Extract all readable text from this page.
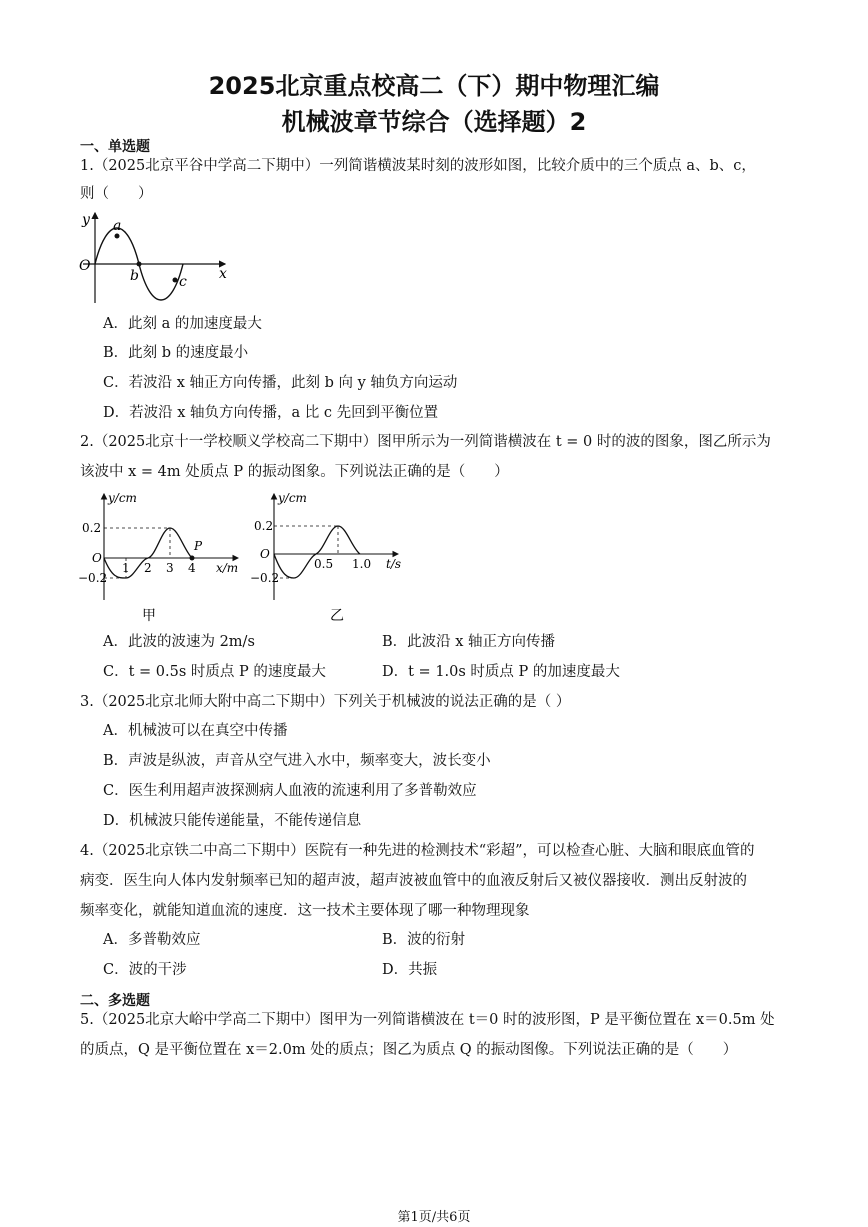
2025北京重点校高二（下）期中物理汇编
机械波章节综合（选择题）2
一、单选题
1.（2025北京平谷中学高二下期中）一列简谐横波某时刻的波形如图，比较介质中的三个质点 a、b、c，
则（　　）
y
x
O
a
b	c
A．此刻 a 的加速度最大
B．此刻 b 的速度最小
C．若波沿 x 轴正方向传播，此刻 b 向 y 轴负方向运动
D．若波沿 x 轴负方向传播，a 比 c 先回到平衡位置
2.（2025北京十一学校顺义学校高二下期中）图甲所示为一列简谐横波在 t = 0 时的波的图象，图乙所示为
该波中 x = 4m 处质点 P 的振动图象。下列说法正确的是（　　）
y/cm
0.2
O
−0.2
1 2 3 4
P
x/m
甲
y/cm
0.2
O
−0.2
0.5 1.0 t/s
乙
A．此波的波速为 2m/s	B．此波沿 x 轴正方向传播
C．t = 0.5s 时质点 P 的速度最大	D．t = 1.0s 时质点 P 的加速度最大
3.（2025北京北师大附中高二下期中）下列关于机械波的说法正确的是（ ）
A．机械波可以在真空中传播
B．声波是纵波，声音从空气进入水中，频率变大，波长变小
C．医生利用超声波探测病人血液的流速利用了多普勒效应
D．机械波只能传递能量，不能传递信息
4.（2025北京铁二中高二下期中）医院有一种先进的检测技术“彩超”，可以检查心脏、大脑和眼底血管的
病变．医生向人体内发射频率已知的超声波，超声波被血管中的血液反射后又被仪器接收．测出反射波的
频率变化，就能知道血流的速度．这一技术主要体现了哪一种物理现象
A．多普勒效应	B．波的衍射
C．波的干涉	D．共振
二、多选题
5.（2025北京大峪中学高二下期中）图甲为一列简谐横波在 t＝0 时的波形图，P 是平衡位置在 x＝0.5m 处
的质点，Q 是平衡位置在 x＝2.0m 处的质点；图乙为质点 Q 的振动图像。下列说法正确的是（　　）
第1页/共6页
